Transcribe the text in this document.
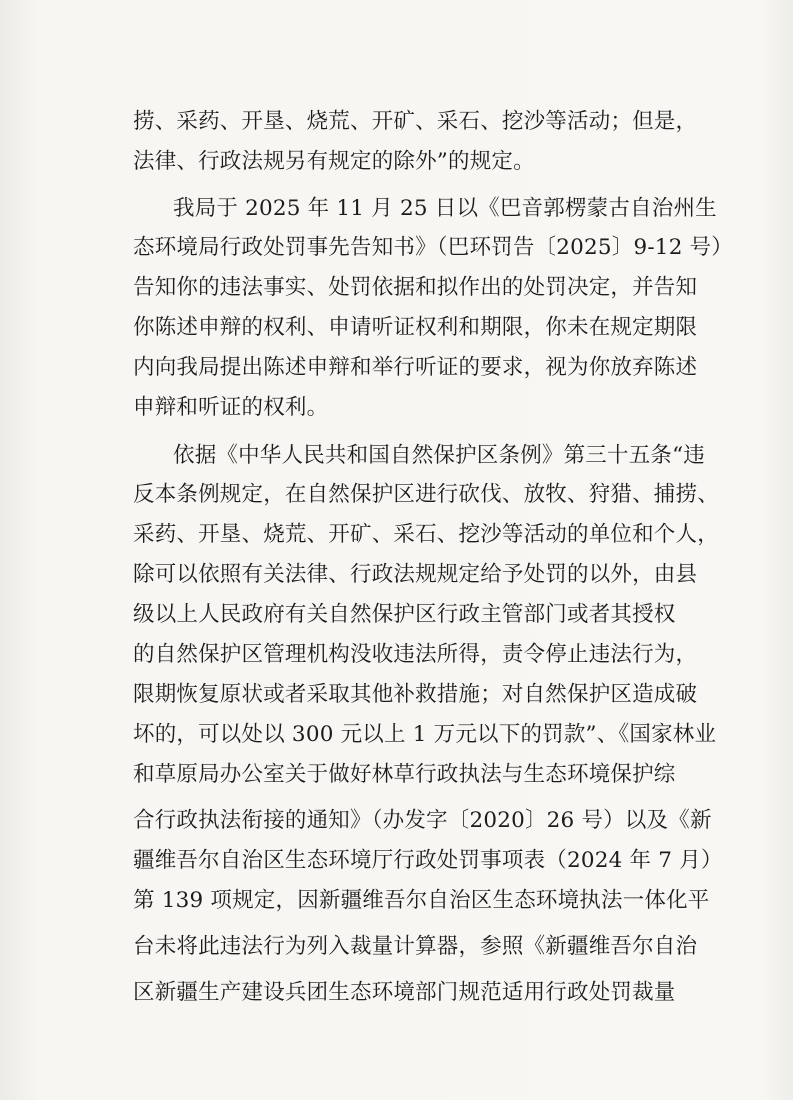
捞、采药、开垦、烧荒、开矿、采石、挖沙等活动；但是，
法律、行政法规另有规定的除外”的规定。
我局于 2025 年 11 月 25 日以《巴音郭楞蒙古自治州生
态环境局行政处罚事先告知书》（巴环罚告〔2025〕9-12 号）
告知你的违法事实、处罚依据和拟作出的处罚决定，并告知
你陈述申辩的权利、申请听证权利和期限，你未在规定期限
内向我局提出陈述申辩和举行听证的要求，视为你放弃陈述
申辩和听证的权利。
依据《中华人民共和国自然保护区条例》第三十五条“违
反本条例规定，在自然保护区进行砍伐、放牧、狩猎、捕捞、
采药、开垦、烧荒、开矿、采石、挖沙等活动的单位和个人，
除可以依照有关法律、行政法规规定给予处罚的以外，由县
级以上人民政府有关自然保护区行政主管部门或者其授权
的自然保护区管理机构没收违法所得，责令停止违法行为，
限期恢复原状或者采取其他补救措施；对自然保护区造成破
坏的，可以处以 300 元以上 1 万元以下的罚款”、《国家林业
和草原局办公室关于做好林草行政执法与生态环境保护综
合行政执法衔接的通知》（办发字〔2020〕26 号）以及《新
疆维吾尔自治区生态环境厅行政处罚事项表（2024 年 7 月）
第 139 项规定，因新疆维吾尔自治区生态环境执法一体化平
台未将此违法行为列入裁量计算器，参照《新疆维吾尔自治
区新疆生产建设兵团生态环境部门规范适用行政处罚裁量
